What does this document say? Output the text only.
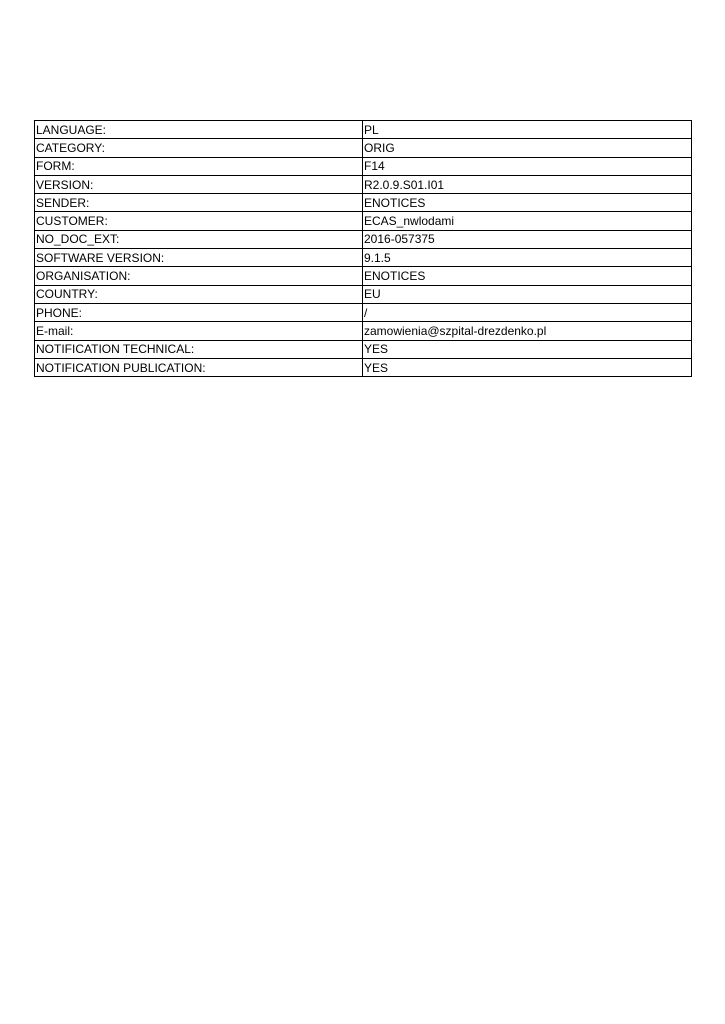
LANGUAGE:	PL
CATEGORY:	ORIG
FORM:	F14
VERSION:	R2.0.9.S01.I01
SENDER:	ENOTICES
CUSTOMER:	ECAS_nwlodami
NO_DOC_EXT:	2016-057375
SOFTWARE VERSION:	9.1.5
ORGANISATION:	ENOTICES
COUNTRY:	EU
PHONE:	/
E-mail:	zamowienia@szpital-drezdenko.pl
NOTIFICATION TECHNICAL:	YES
NOTIFICATION PUBLICATION:	YES
